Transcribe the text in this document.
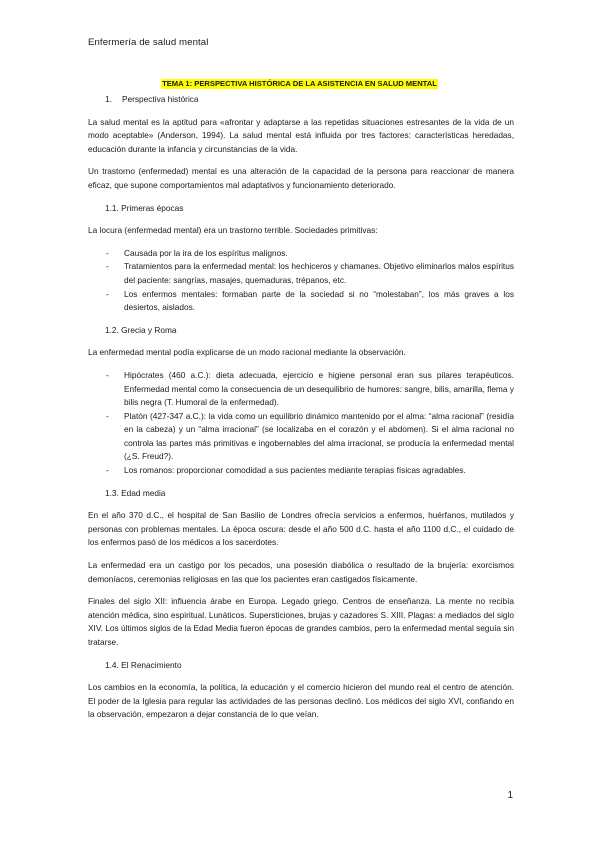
Enfermería de salud mental
TEMA 1: PERSPECTIVA HISTÓRICA DE LA ASISTENCIA EN SALUD MENTAL
1. Perspectiva histórica

La salud mental es la aptitud para «afrontar y adaptarse a las repetidas situaciones estresantes de la vida de un modo aceptable» (Anderson, 1994). La salud mental está influida por tres factores: características heredadas, educación durante la infancia y circunstancias de la vida.

Un trastorno (enfermedad) mental es una alteración de la capacidad de la persona para reaccionar de manera eficaz, que supone comportamientos mal adaptativos y funcionamiento deteriorado.

1.1. Primeras épocas

La locura (enfermedad mental) era un trastorno terrible. Sociedades primitivas:

- Causada por la ira de los espíritus malignos.
- Tratamientos para la enfermedad mental: los hechiceros y chamanes. Objetivo eliminarlos malos espíritus del paciente: sangrías, masajes, quemaduras, trépanos, etc.
- Los enfermos mentales: formaban parte de la sociedad si no “molestaban”, los más graves a los desiertos, aislados.
1.2. Grecia y Roma

La enfermedad mental podía explicarse de un modo racional mediante la observación.

- Hipócrates (460 a.C.): dieta adecuada, ejercicio e higiene personal eran sus pilares terapéuticos. Enfermedad mental como la consecuencia de un desequilibrio de humores: sangre, bilis, amarilla, flema y bilis negra (T. Humoral de la enfermedad).
- Platón (427-347 a.C.): la vida como un equilibrio dinámico mantenido por el alma: “alma racional” (residía en la cabeza) y un “alma irracional” (se localizaba en el corazón y el abdomen). Si el alma racional no controla las partes más primitivas e ingobernables del alma irracional, se producía la enfermedad mental (¿S. Freud?).
- Los romanos: proporcionar comodidad a sus pacientes mediante terapias físicas agradables.
1.3. Edad media

En el año 370 d.C., el hospital de San Basilio de Londres ofrecía servicios a enfermos, huérfanos, mutilados y personas con problemas mentales. La época oscura: desde el año 500 d.C. hasta el año 1100 d.C., el cuidado de los enfermos pasó de los médicos a los sacerdotes.

La enfermedad era un castigo por los pecados, una posesión diabólica o resultado de la brujería: exorcismos demoníacos, ceremonias religiosas en las que los pacientes eran castigados físicamente.

Finales del siglo XII: influencia árabe en Europa. Legado griego. Centros de enseñanza. La mente no recibía atención médica, sino espiritual. Lunáticos. Supersticiones, brujas y cazadores S. XIII. Plagas: a mediados del siglo XIV. Los últimos siglos de la Edad Media fueron épocas de grandes cambios, pero la enfermedad mental seguía sin tratarse.

1.4. El Renacimiento

Los cambios en la economía, la política, la educación y el comercio hicieron del mundo real el centro de atención. El poder de la Iglesia para regular las actividades de las personas declinó. Los médicos del siglo XVI, confiando en la observación, empezaron a dejar constancia de lo que veían.

1
